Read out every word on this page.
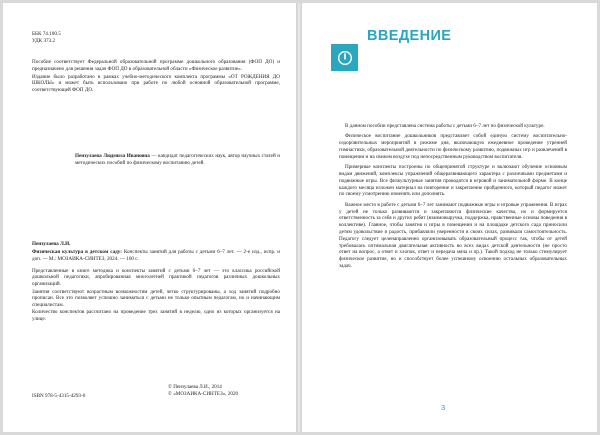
ББК 74.100.5
УДК 373.2

Пособие соответствует Федеральной образовательной программе дошкольного образования (ФОП ДО) и предназначено для решения задач ФОП ДО в образовательной области «Физическое развитие».

Издание было разработано в рамках учебно-методического комплекта программы «ОТ РОЖДЕНИЯ ДО ШКОЛЫ» и может быть использовано при работе по любой основной образовательной программе, соответствующей ФОП ДО.

Пензулаева Людмила Ивановна — кандидат педагогических наук, автор научных статей и методических пособий по физическому воспитанию детей.
Пензулаева Л.И.

Физическая культура в детском саду: Конспекты занятий для работы с детьми 6–7 лет. — 2-е изд., испр. и доп. — М.: МОЗАИКА-СИНТЕЗ, 2024. — 160 с.

Представленные в книге методика и конспекты занятий с детьми 6–7 лет — это классика российской дошкольной педагогики, апробированная многолетней практикой педагогов различных дошкольных организаций.

Занятия соответствуют возрастным возможностям детей, четко структурированы, а ход занятий подробно прописан. Все это позволяет успешно заниматься с детьми не только опытным педагогам, но и начинающим специалистам.

Количество конспектов рассчитано на проведение трех занятий в неделю, одно из которых организуется на улице.

ISBN 978-5-4315-4293-0
© Пензулаева Л.И., 2014
© «МОЗАИКА-СИНТЕЗ», 2020
ВВЕДЕНИЕ

В данном пособии представлена система работы с детьми 6–7 лет по физической культуре.

Физическое воспитание дошкольников представляет собой единую систему воспитательно-оздоровительных мероприятий в режиме дня, включающую ежедневное проведение утренней гимнастики, образовательной деятельности по физическому развитию, подвижных игр и развлечений в помещении и на свежем воздухе под непосредственным руководством воспитателя.

Примерные конспекты построены по общепринятой структуре и включают обучение основным видам движений, комплексы упражнений общеразвивающего характера с различными предметами и подвижные игры. Все физкультурные занятия проводятся в игровой и занимательной форме. В конце каждого месяца изложен материал на повторение и закрепление пройденного, который педагог может по своему усмотрению изменять или дополнять.

Важное место в работе с детьми 6–7 лет занимают подвижные игры и игровые упражнения. В играх у детей не только развиваются и закрепляются физические качества, но и формируется ответственность за себя и других ребят (взаимовыручка, поддержка, нравственные основы поведения в коллективе). Главное, чтобы занятия и игры в помещении и на площадке детского сада приносили детям удовольствие и радость, прибавляли уверенности в своих силах, развивали самостоятельность. Педагогу следует целенаправленно организовывать образовательный процесс так, чтобы от детей требовалась оптимальная двигательная активность во всех видах детской деятельности (не просто ответ на вопрос, а ответ и хлопок, ответ и передача мяча и пр.). Такой подход не только стимулирует физическое развитие, но и способствует более успешному освоению остальных образовательных задач.

3
